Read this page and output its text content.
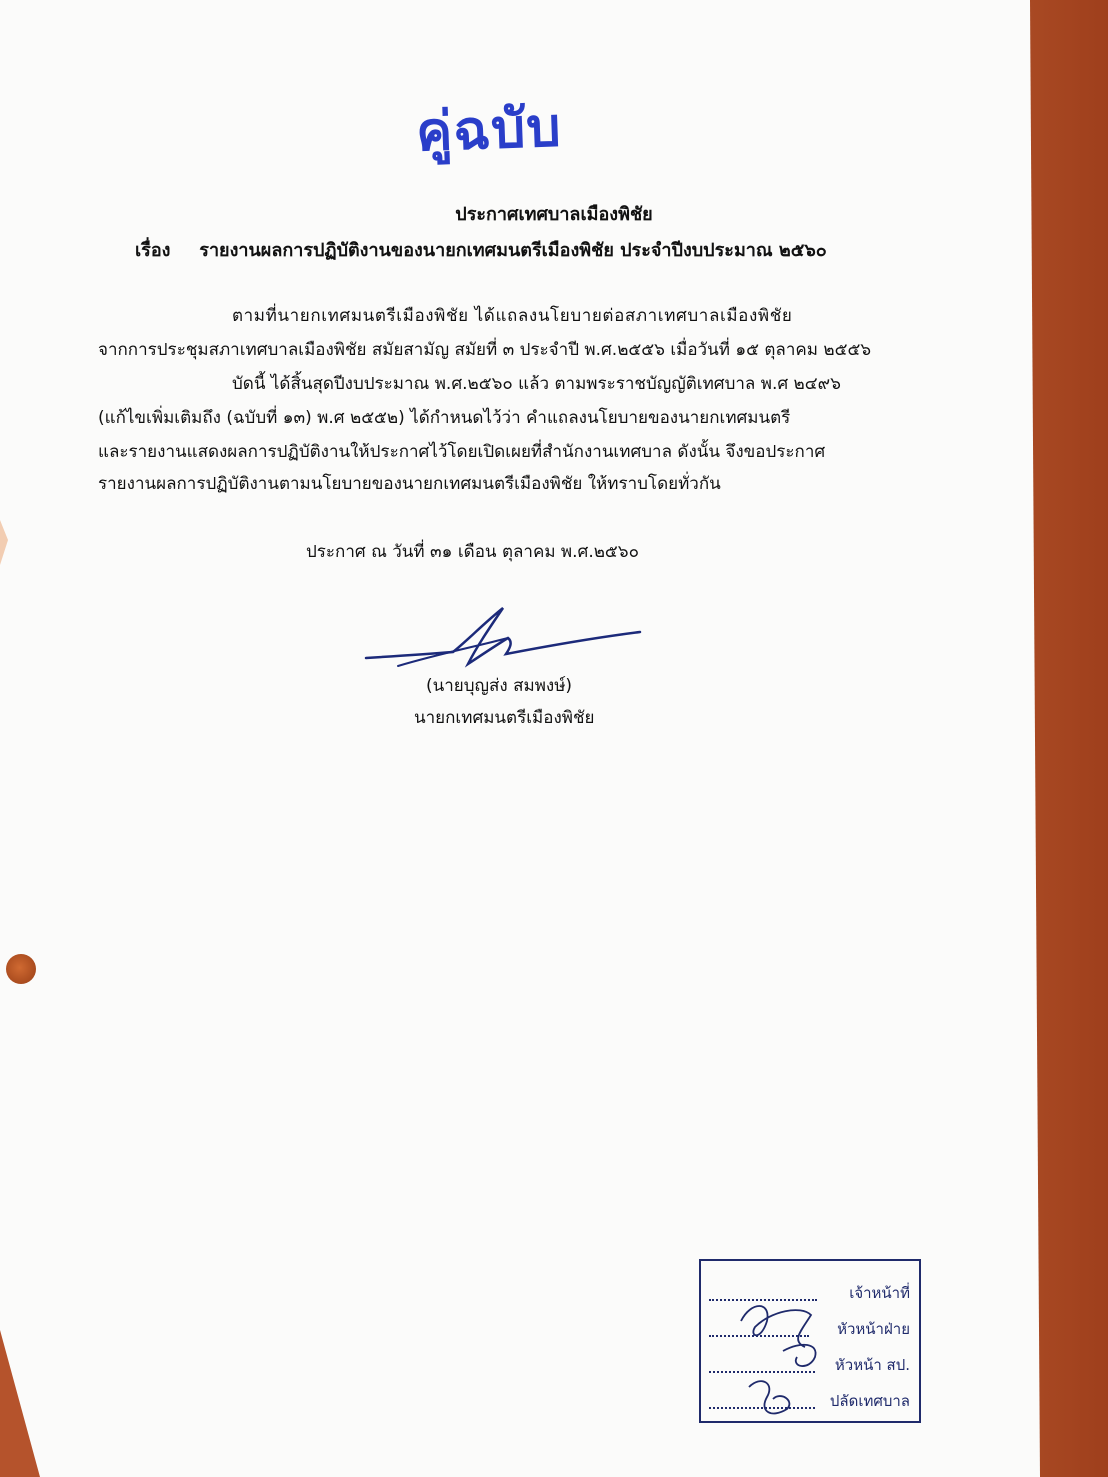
คู่ฉบับ
ประกาศเทศบาลเมืองพิชัย
เรื่อง รายงานผลการปฏิบัติงานของนายกเทศมนตรีเมืองพิชัย ประจำปีงบประมาณ ๒๕๖๐
ตามที่นายกเทศมนตรีเมืองพิชัย ได้แถลงนโยบายต่อสภาเทศบาลเมืองพิชัย
จากการประชุมสภาเทศบาลเมืองพิชัย สมัยสามัญ สมัยที่ ๓ ประจำปี พ.ศ.๒๕๕๖ เมื่อวันที่ ๑๕ ตุลาคม ๒๕๕๖
บัดนี้ ได้สิ้นสุดปีงบประมาณ พ.ศ.๒๕๖๐ แล้ว ตามพระราชบัญญัติเทศบาล พ.ศ ๒๔๙๖
(แก้ไขเพิ่มเติมถึง (ฉบับที่ ๑๓) พ.ศ ๒๕๕๒) ได้กำหนดไว้ว่า คำแถลงนโยบายของนายกเทศมนตรี
และรายงานแสดงผลการปฏิบัติงานให้ประกาศไว้โดยเปิดเผยที่สำนักงานเทศบาล ดังนั้น จึงขอประกาศ
รายงานผลการปฏิบัติงานตามนโยบายของนายกเทศมนตรีเมืองพิชัย ให้ทราบโดยทั่วกัน
ประกาศ ณ วันที่ ๓๑ เดือน ตุลาคม พ.ศ.๒๕๖๐
(นายบุญส่ง สมพงษ์)
นายกเทศมนตรีเมืองพิชัย
เจ้าหน้าที่
หัวหน้าฝ่าย
หัวหน้า สป.
ปลัดเทศบาล
